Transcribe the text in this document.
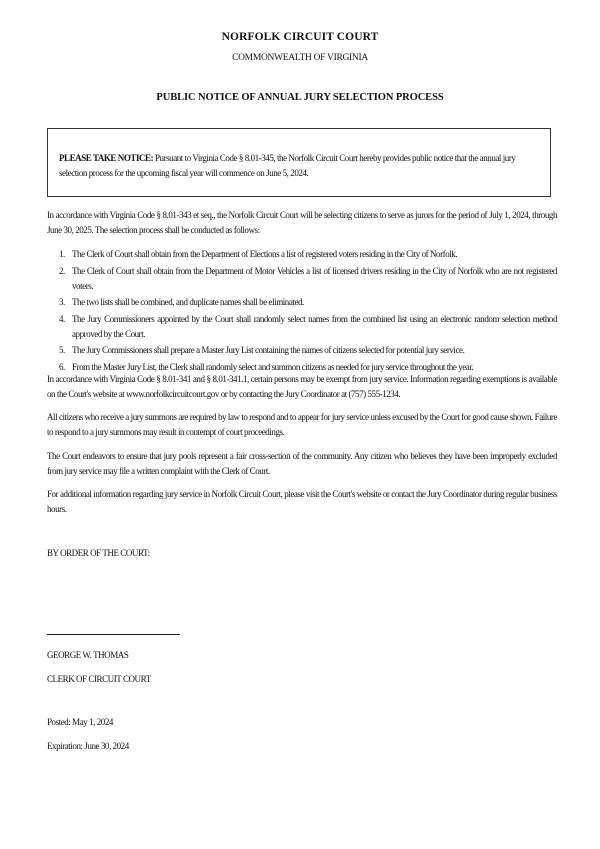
NORFOLK CIRCUIT COURT
COMMONWEALTH OF VIRGINIA
PUBLIC NOTICE OF ANNUAL JURY SELECTION PROCESS
PLEASE TAKE NOTICE: Pursuant to Virginia Code § 8.01-345, the Norfolk Circuit Court hereby provides public notice that the annual jury selection process for the upcoming fiscal year will commence on June 5, 2024.
In accordance with Virginia Code § 8.01-343 et seq., the Norfolk Circuit Court will be selecting citizens to serve as jurors for the period of July 1, 2024, through June 30, 2025. The selection process shall be conducted as follows:
1. The Clerk of Court shall obtain from the Department of Elections a list of registered voters residing in the City of Norfolk.
2. The Clerk of Court shall obtain from the Department of Motor Vehicles a list of licensed drivers residing in the City of Norfolk who are not registered voters.
3. The two lists shall be combined, and duplicate names shall be eliminated.
4. The Jury Commissioners appointed by the Court shall randomly select names from the combined list using an electronic random selection method approved by the Court.
5. The Jury Commissioners shall prepare a Master Jury List containing the names of citizens selected for potential jury service.
6. From the Master Jury List, the Clerk shall randomly select and summon citizens as needed for jury service throughout the year.
In accordance with Virginia Code § 8.01-341 and § 8.01-341.1, certain persons may be exempt from jury service. Information regarding exemptions is available on the Court's website at www.norfolkcircuitcourt.gov or by contacting the Jury Coordinator at (757) 555-1234.
All citizens who receive a jury summons are required by law to respond and to appear for jury service unless excused by the Court for good cause shown. Failure to respond to a jury summons may result in contempt of court proceedings.
The Court endeavors to ensure that jury pools represent a fair cross-section of the community. Any citizen who believes they have been improperly excluded from jury service may file a written complaint with the Clerk of Court.
For additional information regarding jury service in Norfolk Circuit Court, please visit the Court's website or contact the Jury Coordinator during regular business hours.
BY ORDER OF THE COURT:
GEORGE W. THOMAS
CLERK OF CIRCUIT COURT
Posted: May 1, 2024
Expiration: June 30, 2024
